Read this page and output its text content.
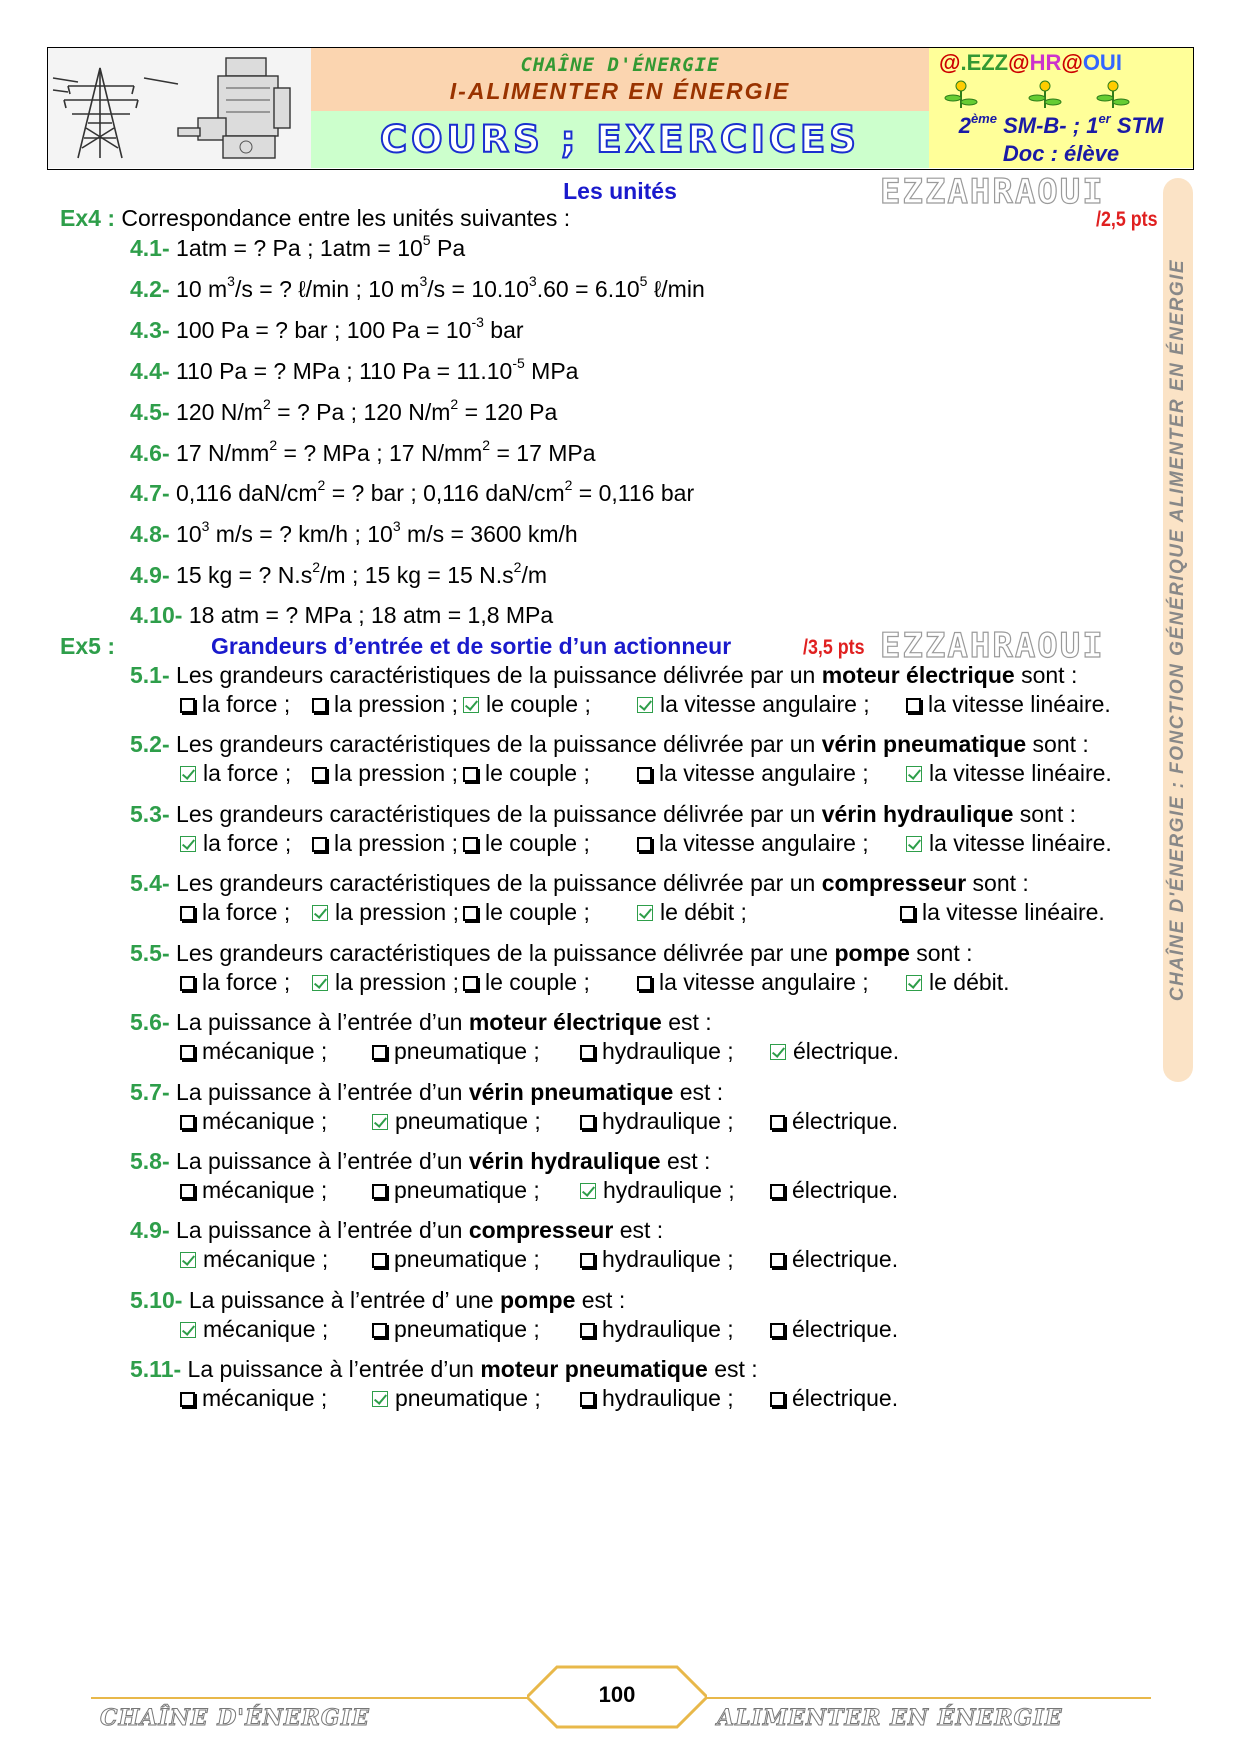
CHAÎNE D'ÉNERGIE
I-ALIMENTER EN ÉNERGIE
COURS ; EXERCICES
@.EZZ@HR@OUI
2ème SM-B- ; 1er STM
Doc : élève
CHAÎNE D'ÉNERGIE : FONCTION GÉNÉRIQUE ALIMENTER EN ÉNERGIE
EZZAHRAOUI
EZZAHRAOUI
Les unités
Ex4 : Correspondance entre les unités suivantes :	/2,5 pts
4.1- 1atm = ? Pa ; $1atm = 10^5$ Pa
4.2- 10 $m^3/s$ = ? ℓ/min ; 10 $m^3/s = 10.10^3.60 = 6.10^5$ ℓ/min
4.3- 100 Pa = ? bar ; 100 $Pa = 10^{-3}$ bar
4.4- 110 Pa = ? MPa ; 110 $Pa = 11.10^{-5}$ MPa
4.5- 120 $N/m^2$ = ? Pa ; 120 $N/m^2 = 120$ Pa
4.6- 17 $N/mm^2$ = ? MPa ; 17 $N/mm^2 = 17$ MPa
4.7- 0,116 daN/$cm^2$ = ? bar ; 0,116 daN/$cm^2 = 0,116$ bar
4.8- $10^3$ m/s = ? km/h ; $10^3$ m/s = 3600 km/h
4.9- 15 kg = ? $N.s^2/m$ ; 15 kg = 15 $N.s^2/m$
4.10- 18 atm = ? MPa ; 18 atm = 1,8 MPa
Ex5 :	Grandeurs d’entrée et de sortie d’un actionneur	/3,5 pts
5.1- Les grandeurs caractéristiques de la puissance délivrée par un moteur électrique sont :
la force ;	la pression ;	le couple ;	la vitesse angulaire ;	la vitesse linéaire.
5.2- Les grandeurs caractéristiques de la puissance délivrée par un vérin pneumatique sont :
la force ;	la pression ;	le couple ;	la vitesse angulaire ;	la vitesse linéaire.
5.3- Les grandeurs caractéristiques de la puissance délivrée par un vérin hydraulique sont :
la force ;	la pression ;	le couple ;	la vitesse angulaire ;	la vitesse linéaire.
5.4- Les grandeurs caractéristiques de la puissance délivrée par un compresseur sont :
la force ;	la pression ;	le couple ;	le débit ;	la vitesse linéaire.
5.5- Les grandeurs caractéristiques de la puissance délivrée par une pompe sont :
la force ;	la pression ;	le couple ;	la vitesse angulaire ;	le débit.
5.6- La puissance à l’entrée d’un moteur électrique est :
mécanique ;	pneumatique ;	hydraulique ;	électrique.
5.7- La puissance à l’entrée d’un vérin pneumatique est :
mécanique ;	pneumatique ;	hydraulique ;	électrique.
5.8- La puissance à l’entrée d’un vérin hydraulique est :
mécanique ;	pneumatique ;	hydraulique ;	électrique.
4.9- La puissance à l’entrée d’un compresseur est :
mécanique ;	pneumatique ;	hydraulique ;	électrique.
5.10- La puissance à l’entrée d’ une pompe est :
mécanique ;	pneumatique ;	hydraulique ;	électrique.
5.11- La puissance à l’entrée d’un moteur pneumatique est :
mécanique ;	pneumatique ;	hydraulique ;	électrique.
100
CHAÎNE D'ÉNERGIE	ALIMENTER EN ÉNERGIE
